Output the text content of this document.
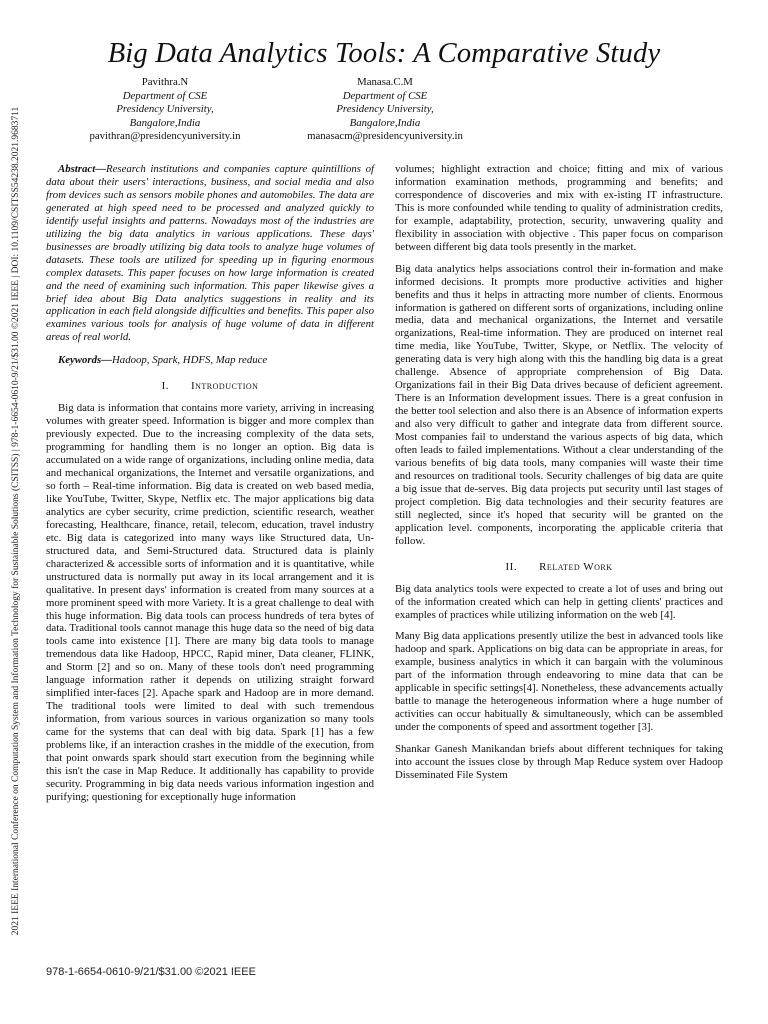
2021 IEEE International Conference on Computation System and Information Technology for Sustainable Solutions (CSITSS) | 978-1-6654-0610-9/21/$31.00 ©2021 IEEE | DOI: 10.1109/CSITSS54238.2021.9683711
Big Data Analytics Tools: A Comparative Study
Pavithra.N
Department of CSE
Presidency University,
Bangalore,India
pavithran@presidencyuniversity.in
Manasa.C.M
Department of CSE
Presidency University,
Bangalore,India
manasacm@presidencyuniversity.in

Abstract—Research institutions and companies capture quintillions of data about their users' interactions, business, and social media and also from devices such as sensors mobile phones and automobiles. The data are generated at high speed need to be processed and analyzed quickly to identify useful insights and patterns. Nowadays most of the industries are utilizing the big data analytics in various applications. These days' businesses are broadly utilizing big data tools to analyze huge volumes of datasets. These tools are utilized for speeding up in figuring enormous complex datasets. This paper focuses on how large information is created and the need of examining such information. This paper likewise gives a brief idea about Big Data analytics suggestions in reality and its application in each field alongside difficulties and benefits. This paper also examines various tools for analysis of huge volume of data in different areas of real world.

Keywords—Hadoop, Spark, HDFS, Map reduce

I. Introduction

Big data is information that contains more variety, arriving in increasing volumes with greater speed. Information is bigger and more complex than previously expected. Due to the increasing complexity of the data sets, programming for handling them is no longer an option. Big data is accumulated on a wide range of organizations, including online media, data and mechanical organizations, the Internet and versatile organizations, and so forth – Real-time information. Big data is created on web based media, like YouTube, Twitter, Skype, Netflix etc. The major applications big data analytics are cyber security, crime prediction, scientific research, weather forecasting, Healthcare, finance, retail, telecom, education, travel industry etc. Big data is categorized into many ways like Structured data, Un-structured data, and Semi-Structured data. Structured data is plainly characterized & accessible sorts of information and it is quantitative, while unstructured data is normally put away in its local arrangement and it is qualitative. In present days' information is created from many sources at a more prominent speed with more Variety. It is a great challenge to deal with this huge information. Big data tools can process hundreds of tera bytes of data. Traditional tools cannot manage this huge data so the need of big data tools came into existence [1]. There are many big data tools to manage tremendous data like Hadoop, HPCC, Rapid miner, Data cleaner, FLINK, and Storm [2] and so on. Many of these tools don't need programming language information rather it depends on utilizing straight forward simplified inter-faces [2]. Apache spark and Hadoop are in more demand. The traditional tools were limited to deal with such tremendous information, from various sources in various organization so many tools came for the systems that can deal with big data. Spark [1] has a few problems like, if an interaction crashes in the middle of the execution, from that point onwards spark should start execution from the beginning while this isn't the case in Map Reduce. It additionally has capability to provide security. Programming in big data needs various information ingestion and purifying; questioning for exceptionally huge information

volumes; highlight extraction and choice; fitting and mix of various information examination methods, programming and benefits; and correspondence of discoveries and mix with ex-isting IT infrastructure. This is more confounded while tending to quality of administration credits, for example, adaptability, protection, security, unwavering quality and flexibility in association with objective . This paper focus on comparison between different big data tools presently in the market.

Big data analytics helps associations control their in-formation and make informed decisions. It prompts more productive activities and higher benefits and thus it helps in attracting more number of clients. Enormous information is gathered on different sorts of organizations, including online media, data and mechanical organizations, the Internet and versatile organizations, Real-time information. They are produced on internet real time media, like YouTube, Twitter, Skype, or Netflix. The velocity of generating data is very high along with this the handling big data is a great challenge. Absence of appropriate comprehension of Big Data. Organizations fail in their Big Data drives because of deficient agreement. There is an Information development issues. There is a great confusion in the better tool selection and also there is an Absence of information experts and also very difficult to gather and integrate data from different source. Most companies fail to understand the various aspects of big data, which often leads to failed implementations. Without a clear understanding of the various benefits of big data tools, many companies will waste their time and resources on traditional tools. Security challenges of big data are quite a big issue that de-serves. Big data projects put security until last stages of project completion. Big data technologies and their security features are still neglected, since it's hoped that security will be granted on the application level. components, incorporating the applicable criteria that follow.

II. Related Work

Big data analytics tools were expected to create a lot of uses and bring out of the information created which can help in getting clients' practices and examples of practices while utilizing information on the web [4].

Many Big data applications presently utilize the best in advanced tools like hadoop and spark. Applications on big data can be appropriate in areas, for example, business analytics in which it can bargain with the voluminous part of the information through endeavoring to mine data that can be applicable in specific settings[4]. Nonetheless, these advancements actually battle to manage the heterogeneous information where a huge number of activities can occur habitually & simultaneously, which can be assembled under the components of speed and assortment together [3].

Shankar Ganesh Manikandan briefs about different techniques for taking into account the issues close by through Map Reduce system over Hadoop Disseminated File System

978-1-6654-0610-9/21/$31.00 ©2021 IEEE
